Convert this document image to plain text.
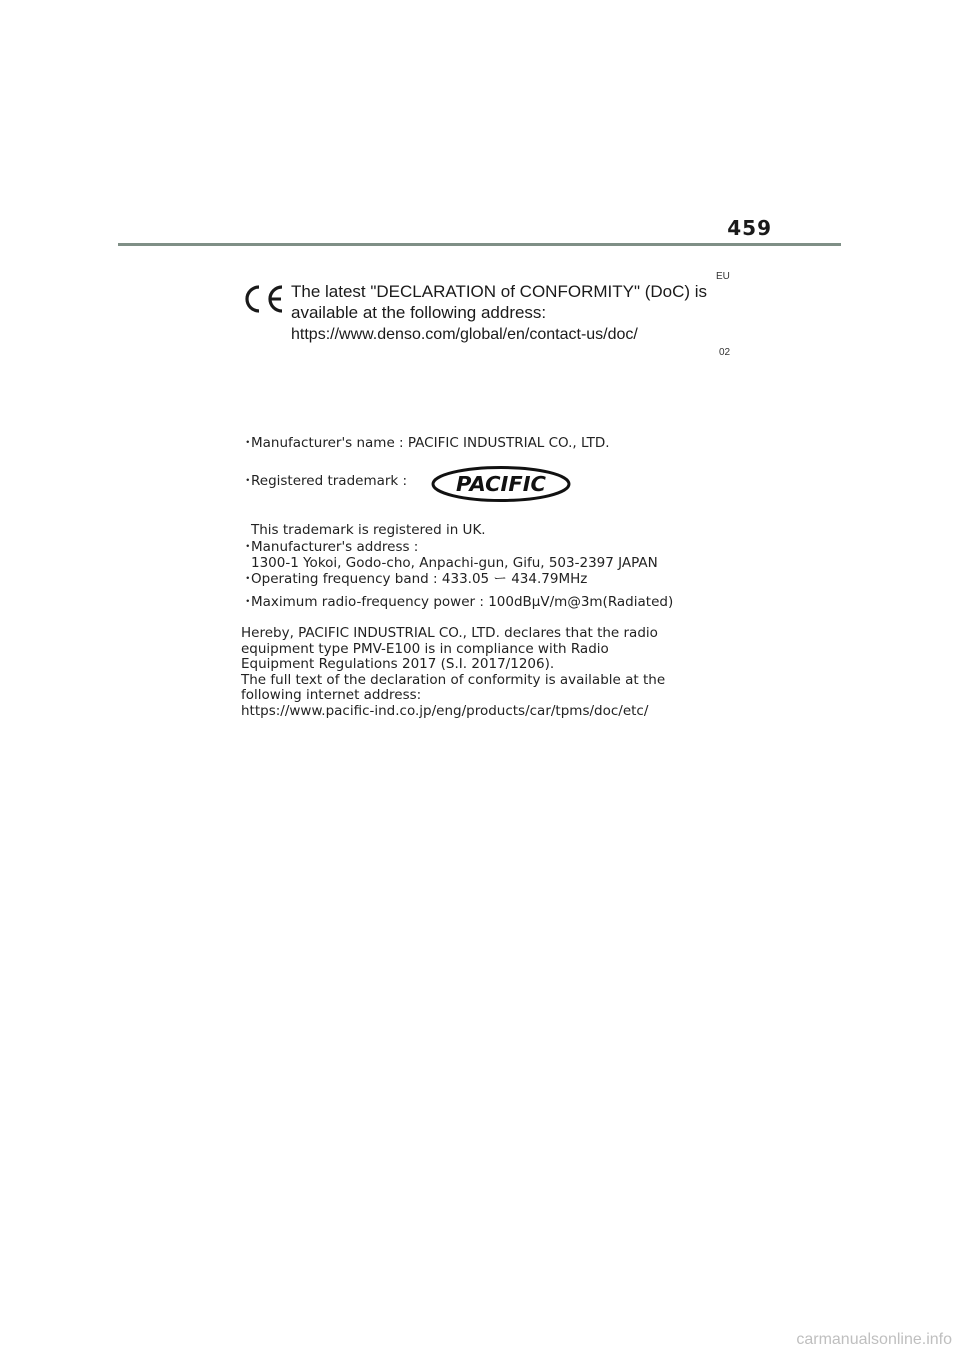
459
EU
The latest "DECLARATION of CONFORMITY" (DoC) is
available at the following address:
https://www.denso.com/global/en/contact-us/doc/
02
・Manufacturer's name : PACIFIC INDUSTRIAL CO., LTD.
・Registered trademark : PACIFIC
This trademark is registered in UK.
・Manufacturer's address :
1300-1 Yokoi, Godo-cho, Anpachi-gun, Gifu, 503-2397 JAPAN
・Operating frequency band : 433.05 ー 434.79MHz
・Maximum radio-frequency power : 100dBμV/m@3m(Radiated)
Hereby, PACIFIC INDUSTRIAL CO., LTD. declares that the radio
equipment type PMV-E100 is in compliance with Radio
Equipment Regulations 2017 (S.I. 2017/1206).
The full text of the declaration of conformity is available at the
following internet address:
https://www.pacific-ind.co.jp/eng/products/car/tpms/doc/etc/
carmanualsonline.info
